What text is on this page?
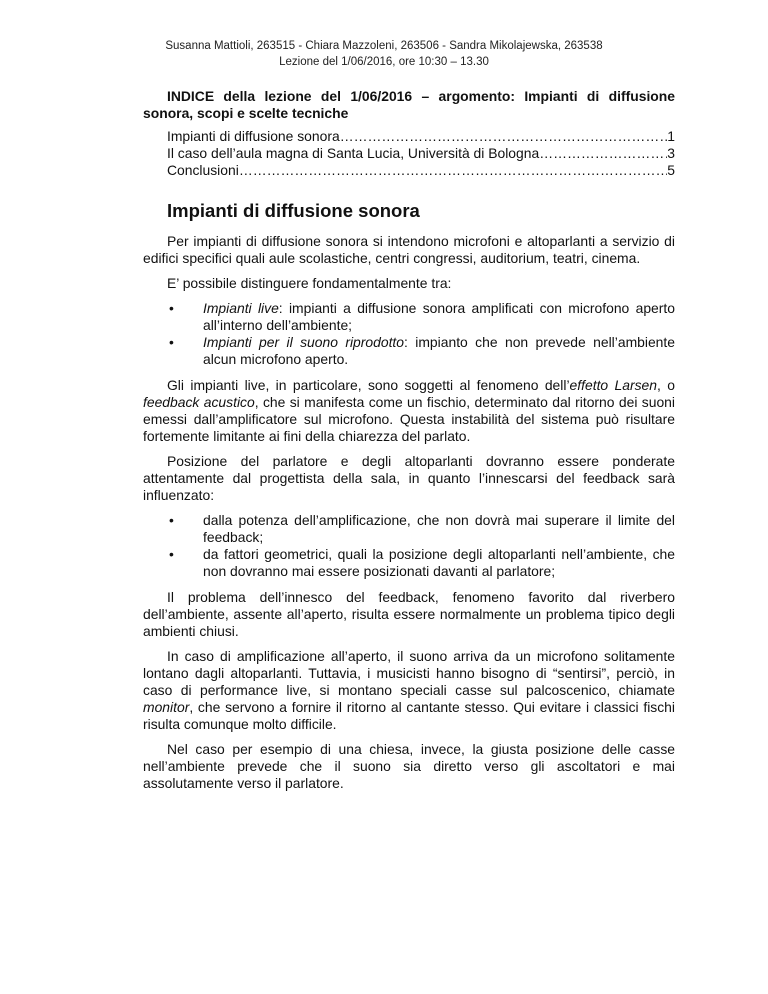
Susanna Mattioli, 263515 - Chiara Mazzoleni, 263506 - Sandra Mikolajewska, 263538
Lezione del 1/06/2016, ore 10:30 – 13.30
INDICE della lezione del 1/06/2016 – argomento: Impianti di diffusione sonora, scopi e scelte tecniche
Impianti di diffusione sonora …………………………………………………………………………………………………………………………………………………………………	1
Il caso dell’aula magna di Santa Lucia, Università di Bologna …………………………………………………………………………………………………………………………………………………………………	3
Conclusioni …………………………………………………………………………………………………………………………………………………………………	5
Impianti di diffusione sonora

Per impianti di diffusione sonora si intendono microfoni e altoparlanti a servizio di edifici specifici quali aule scolastiche, centri congressi, auditorium, teatri, cinema.

E’ possibile distinguere fondamentalmente tra:

• Impianti live: impianti a diffusione sonora amplificati con microfono aperto all’interno dell’ambiente;
• Impianti per il suono riprodotto: impianto che non prevede nell’ambiente alcun microfono aperto.

Gli impianti live, in particolare, sono soggetti al fenomeno dell’effetto Larsen, o feedback acustico, che si manifesta come un fischio, determinato dal ritorno dei suoni emessi dall’amplificatore sul microfono. Questa instabilità del sistema può risultare fortemente limitante ai fini della chiarezza del parlato.

Posizione del parlatore e degli altoparlanti dovranno essere ponderate attentamente dal progettista della sala, in quanto l’innescarsi del feedback sarà influenzato:

• dalla potenza dell’amplificazione, che non dovrà mai superare il limite del feedback;
• da fattori geometrici, quali la posizione degli altoparlanti nell’ambiente, che non dovranno mai essere posizionati davanti al parlatore;

Il problema dell’innesco del feedback, fenomeno favorito dal riverbero dell’ambiente, assente all’aperto, risulta essere normalmente un problema tipico degli ambienti chiusi.

In caso di amplificazione all’aperto, il suono arriva da un microfono solitamente lontano dagli altoparlanti. Tuttavia, i musicisti hanno bisogno di “sentirsi”, perciò, in caso di performance live, si montano speciali casse sul palcoscenico, chiamate monitor, che servono a fornire il ritorno al cantante stesso. Qui evitare i classici fischi risulta comunque molto difficile.

Nel caso per esempio di una chiesa, invece, la giusta posizione delle casse nell’ambiente prevede che il suono sia diretto verso gli ascoltatori e mai assolutamente verso il parlatore.
